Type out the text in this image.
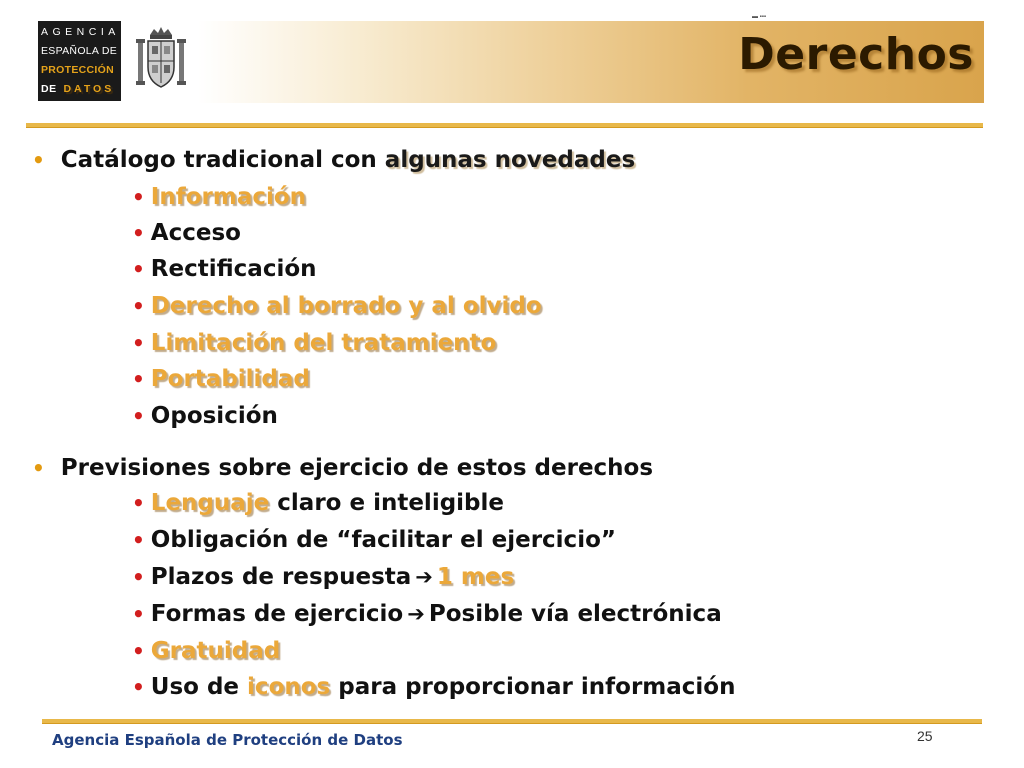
AGENCIA
ESPAÑOLA DE
PROTECCIÓN
DE DATOS
▬ ▪▪▪
Derechos
• Catálogo tradicional con algunas novedades
• Información
• Acceso
• Rectificación
• Derecho al borrado y al olvido
• Limitación del tratamiento
• Portabilidad
• Oposición
• Previsiones sobre ejercicio de estos derechos
• Lenguaje claro e inteligible
• Obligación de “facilitar el ejercicio”
• Plazos de respuesta ➔ 1 mes
• Formas de ejercicio ➔ Posible vía electrónica
• Gratuidad
• Uso de iconos para proporcionar información
Agencia Española de Protección de Datos	25
